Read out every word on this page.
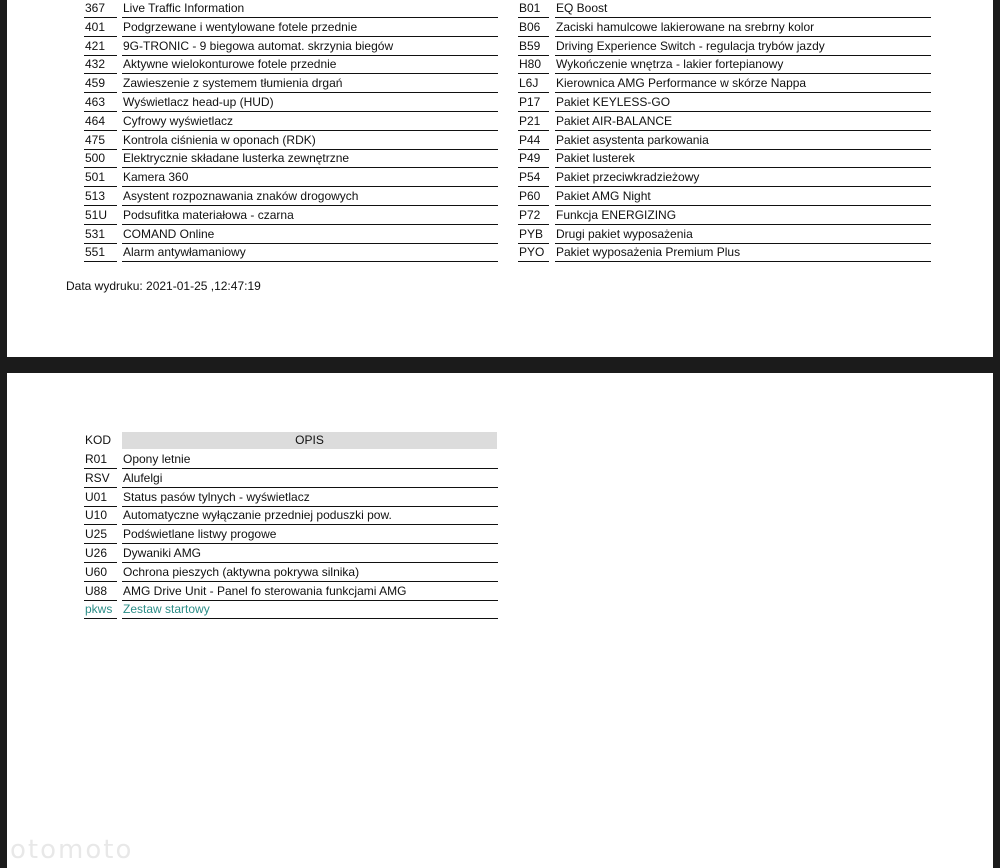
367	Live Traffic Information
401	Podgrzewane i wentylowane fotele przednie
421	9G-TRONIC - 9 biegowa automat. skrzynia biegów
432	Aktywne wielokonturowe fotele przednie
459	Zawieszenie z systemem tłumienia drgań
463	Wyświetlacz head-up (HUD)
464	Cyfrowy wyświetlacz
475	Kontrola ciśnienia w oponach (RDK)
500	Elektrycznie składane lusterka zewnętrzne
501	Kamera 360
513	Asystent rozpoznawania znaków drogowych
51U	Podsufitka materiałowa - czarna
531	COMAND Online
551	Alarm antywłamaniowy
B01	EQ Boost
B06	Zaciski hamulcowe lakierowane na srebrny kolor
B59	Driving Experience Switch - regulacja trybów jazdy
H80	Wykończenie wnętrza - lakier fortepianowy
L6J	Kierownica AMG Performance w skórze Nappa
P17	Pakiet KEYLESS-GO
P21	Pakiet AIR-BALANCE
P44	Pakiet asystenta parkowania
P49	Pakiet lusterek
P54	Pakiet przeciwkradzieżowy
P60	Pakiet AMG Night
P72	Funkcja ENERGIZING
PYB	Drugi pakiet wyposażenia
PYO Pakiet wyposażenia Premium Plus
Data wydruku: 2021-01-25 ,12:47:19
KOD	OPIS
R01	Opony letnie
RSV	Alufelgi
U01	Status pasów tylnych - wyświetlacz
U10	Automatyczne wyłączanie przedniej poduszki pow.
U25	Podświetlane listwy progowe
U26	Dywaniki AMG
U60	Ochrona pieszych (aktywna pokrywa silnika)
U88	AMG Drive Unit - Panel fo sterowania funkcjami AMG
pkws Zestaw startowy
otomoto
